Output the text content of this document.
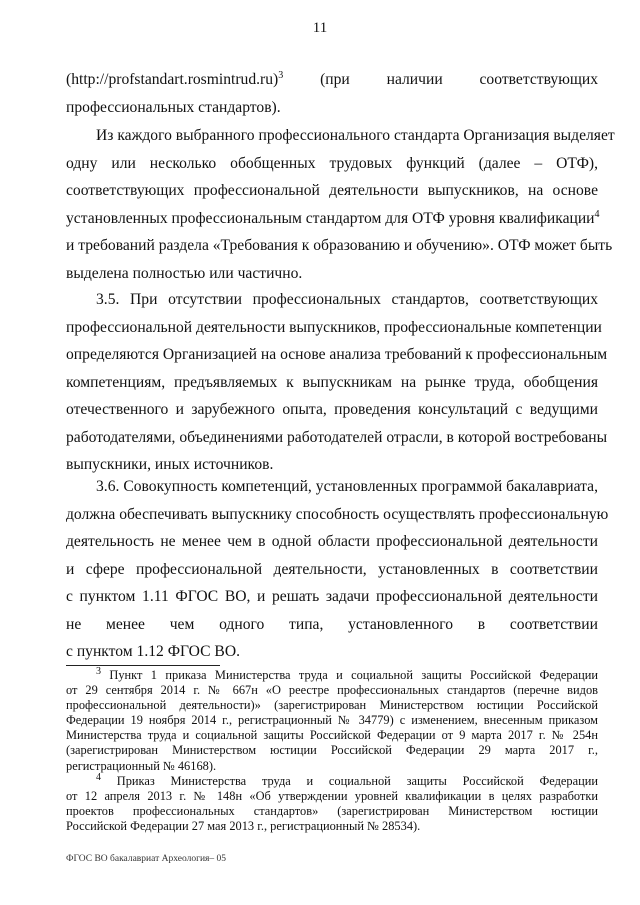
11
(http://profstandart.rosmintrud.ru)$^3$    (при    наличии    соответствующих
профессиональных стандартов).
Из каждого выбранного профессионального стандарта Организация выделяет
одну или несколько обобщенных трудовых функций (далее – ОТФ),
соответствующих профессиональной деятельности выпускников, на основе
установленных профессиональным стандартом для ОТФ уровня квалификации$^4$
и требований раздела «Требования к образованию и обучению». ОТФ может быть
выделена полностью или частично.
3.5. При отсутствии профессиональных стандартов, соответствующих
профессиональной деятельности выпускников, профессиональные компетенции
определяются Организацией на основе анализа требований к профессиональным
компетенциям, предъявляемых к выпускникам на рынке труда, обобщения
отечественного и зарубежного опыта, проведения консультаций с ведущими
работодателями, объединениями работодателей отрасли, в которой востребованы
выпускники, иных источников.
3.6. Совокупность компетенций, установленных программой бакалавриата,
должна обеспечивать выпускнику способность осуществлять профессиональную
деятельность не менее чем в одной области профессиональной деятельности
и сфере профессиональной деятельности, установленных в соответствии
с пунктом 1.11 ФГОС ВО, и решать задачи профессиональной деятельности
не менее чем одного типа, установленного в соответствии
с пунктом 1.12 ФГОС ВО.
$^3$ Пункт 1 приказа Министерства труда и социальной защиты Российской Федерации
от 29 сентября 2014 г. № 667н «О реестре профессиональных стандартов (перечне видов
профессиональной деятельности)» (зарегистрирован Министерством юстиции Российской
Федерации 19 ноября 2014 г., регистрационный № 34779) с изменением, внесенным приказом
Министерства труда и социальной защиты Российской Федерации от 9 марта 2017 г. № 254н
(зарегистрирован Министерством юстиции Российской Федерации 29 марта 2017 г.,
регистрационный № 46168).
$^4$ Приказ Министерства труда и социальной защиты Российской Федерации
от 12 апреля 2013 г. № 148н «Об утверждении уровней квалификации в целях разработки
проектов профессиональных стандартов» (зарегистрирован Министерством юстиции
Российской Федерации 27 мая 2013 г., регистрационный № 28534).
ФГОС ВО бакалавриат Археология– 05
